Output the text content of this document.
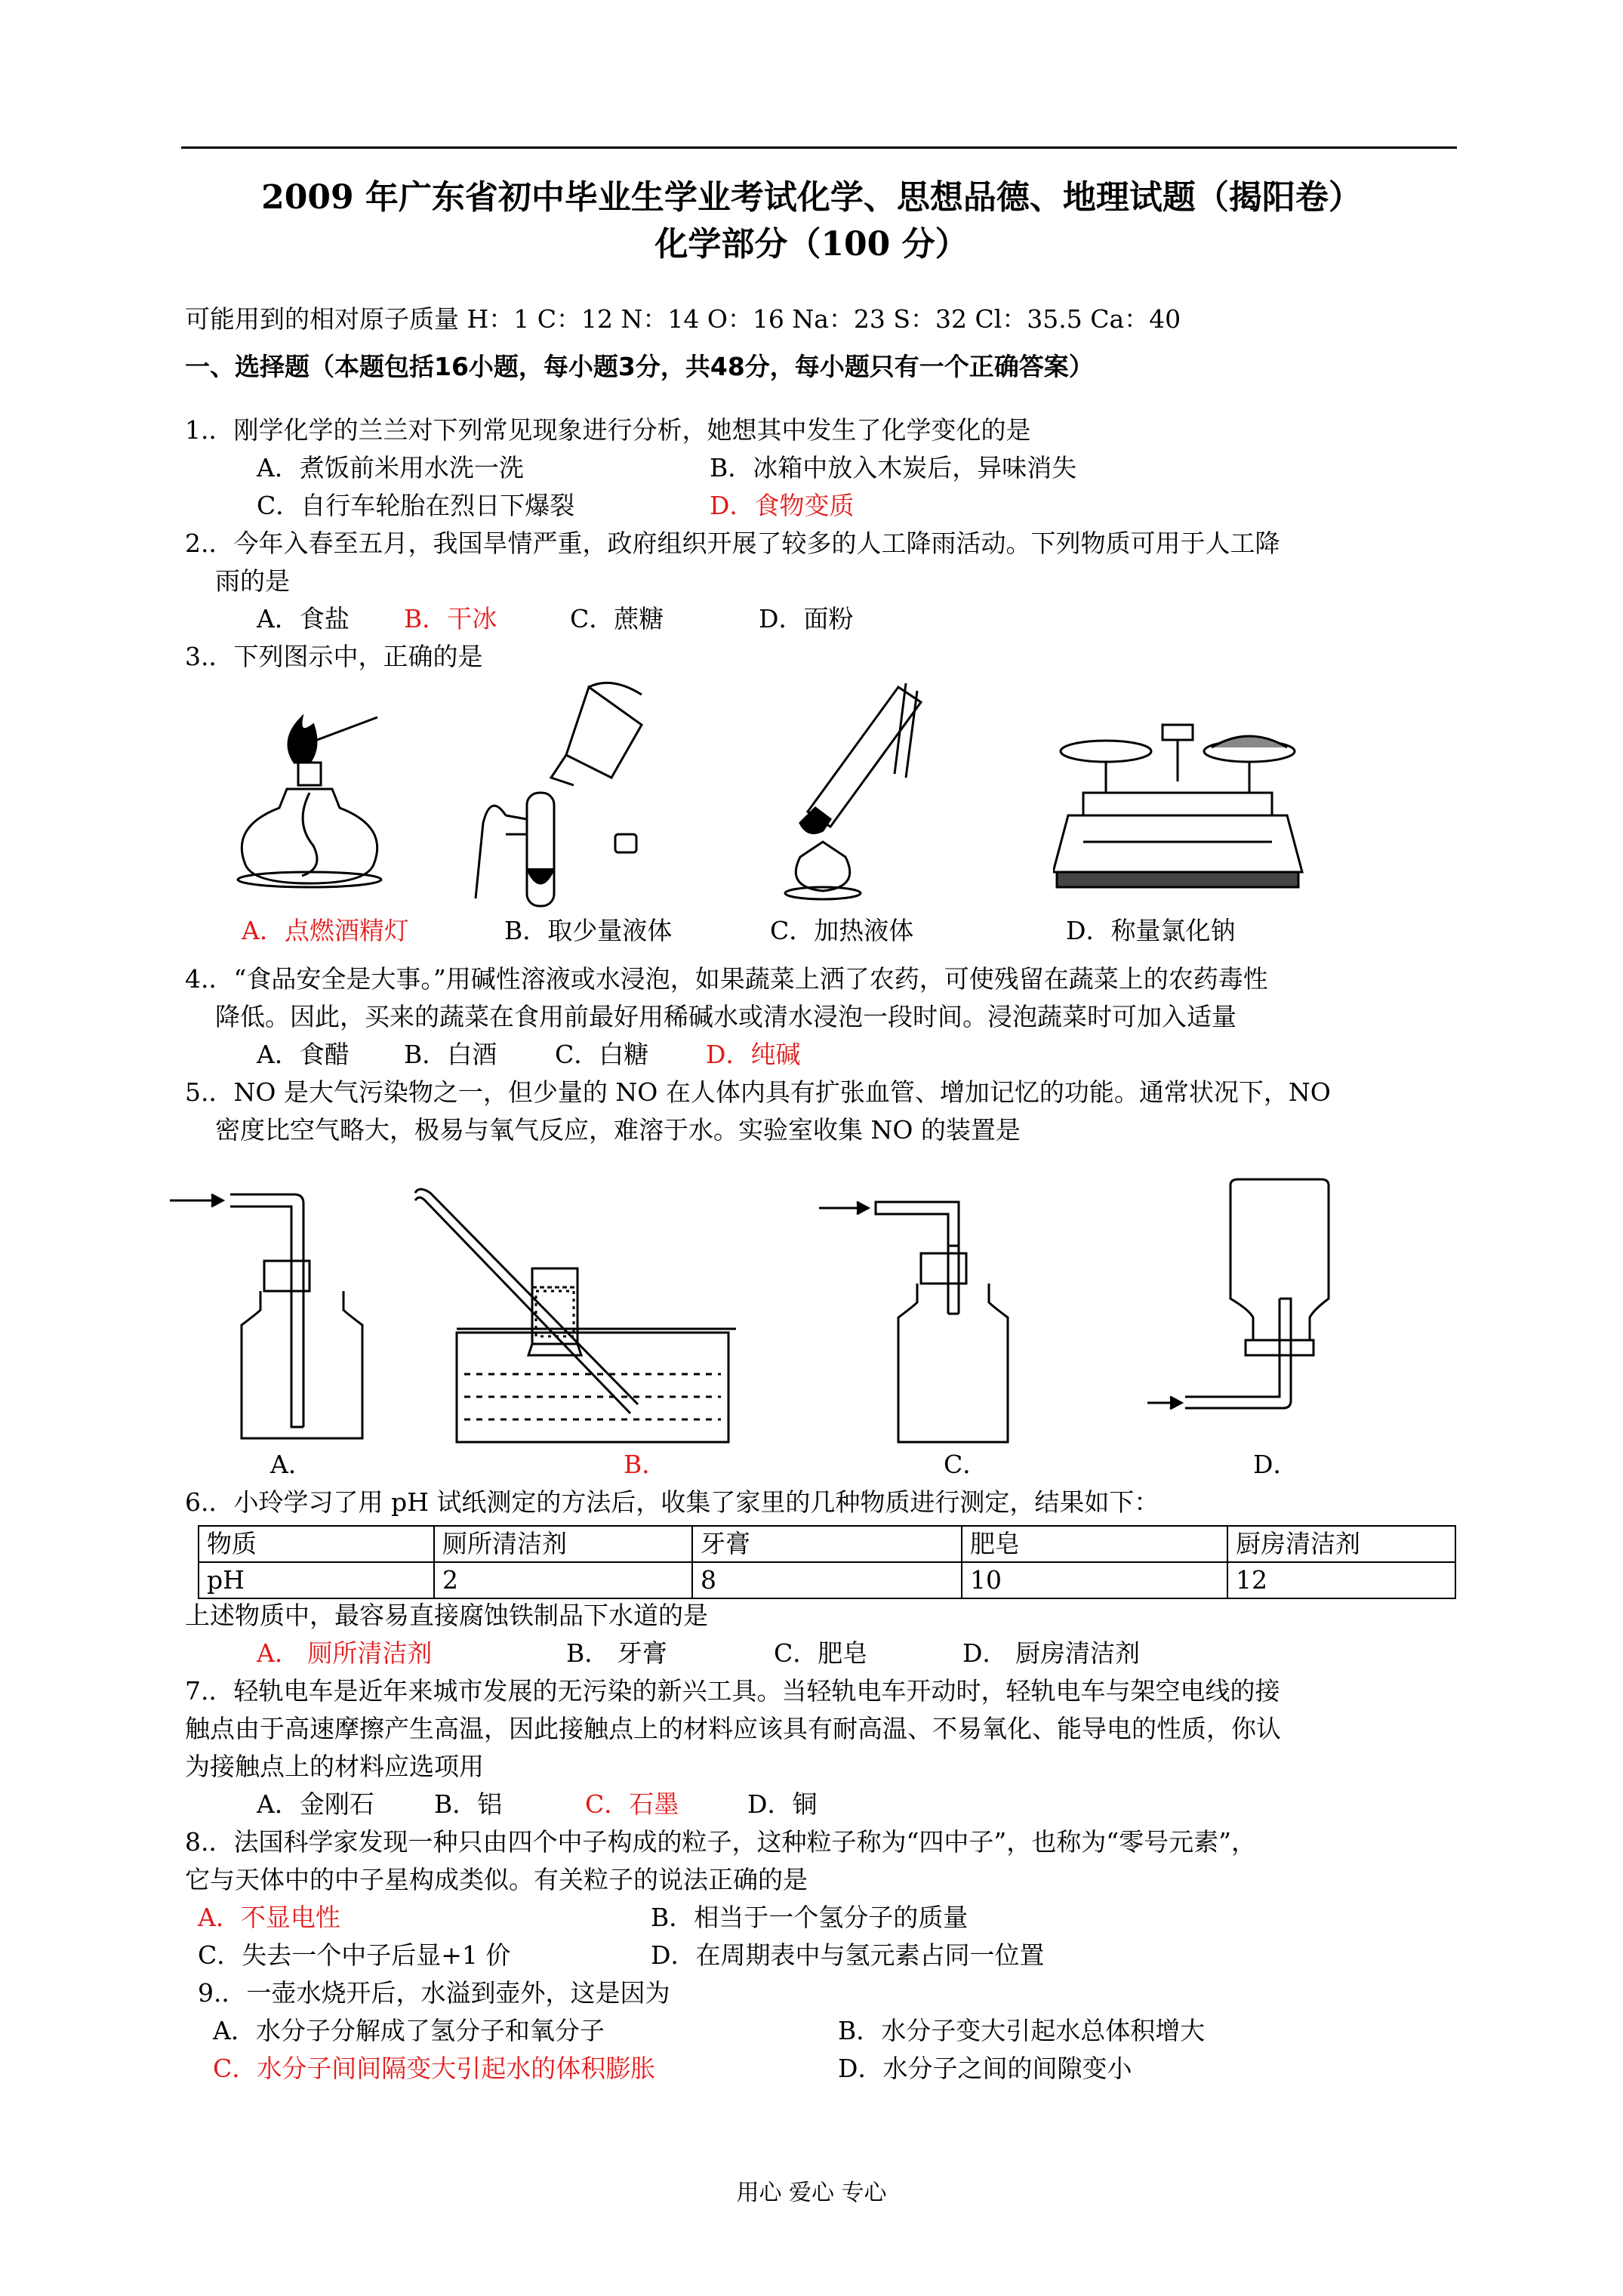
2009 年广东省初中毕业生学业考试化学、思想品德、地理试题（揭阳卷）
化学部分（100 分）
可能用到的相对原子质量 H：1 C：12 N：14 O：16 Na：23 S：32 Cl：35.5 Ca：40
一、选择题（本题包括16小题，每小题3分，共48分，每小题只有一个正确答案）
1.．刚学化学的兰兰对下列常见现象进行分析，她想其中发生了化学变化的是
A．煮饭前米用水洗一洗	B．冰箱中放入木炭后，异味消失
C．自行车轮胎在烈日下爆裂	D．食物变质
2.．今年入春至五月，我国旱情严重，政府组织开展了较多的人工降雨活动。下列物质可用于人工降
雨的是
A．食盐 B．干冰	C．蔗糖	D．面粉
3.．下列图示中，正确的是
A．点燃酒精灯	B．取少量液体	C．加热液体	D．称量氯化钠
4.．“食品安全是大事。”用碱性溶液或水浸泡，如果蔬菜上洒了农药，可使残留在蔬菜上的农药毒性
降低。因此，买来的蔬菜在食用前最好用稀碱水或清水浸泡一段时间。浸泡蔬菜时可加入适量
A．食醋 B．白酒 C．白糖 D．纯碱
5.．NO 是大气污染物之一，但少量的 NO 在人体内具有扩张血管、增加记忆的功能。通常状况下，NO
密度比空气略大，极易与氧气反应，难溶于水。实验室收集 NO 的装置是
A．	B．	C．	D．
6.．小玲学习了用 pH 试纸测定的方法后，收集了家里的几种物质进行测定，结果如下：
物质	厕所清洁剂	牙膏	肥皂	厨房清洁剂
pH	2	8	10	12
上述物质中，最容易直接腐蚀铁制品下水道的是
A． 厕所清洁剂	B． 牙膏	C．肥皂	D． 厨房清洁剂
7.．轻轨电车是近年来城市发展的无污染的新兴工具。当轻轨电车开动时，轻轨电车与架空电线的接
触点由于高速摩擦产生高温，因此接触点上的材料应该具有耐高温、不易氧化、能导电的性质，你认
为接触点上的材料应选项用
A．金刚石 B．铝	C．石墨	D．铜
8.．法国科学家发现一种只由四个中子构成的粒子，这种粒子称为“四中子”，也称为“零号元素”，
它与天体中的中子星构成类似。有关粒子的说法正确的是
A．不显电性	B．相当于一个氢分子的质量
C．失去一个中子后显+1 价	D．在周期表中与氢元素占同一位置
9.．一壶水烧开后，水溢到壶外，这是因为
A．水分子分解成了氢分子和氧分子	B．水分子变大引起水总体积增大
C．水分子间间隔变大引起水的体积膨胀	D．水分子之间的间隙变小
用心 爱心 专心
